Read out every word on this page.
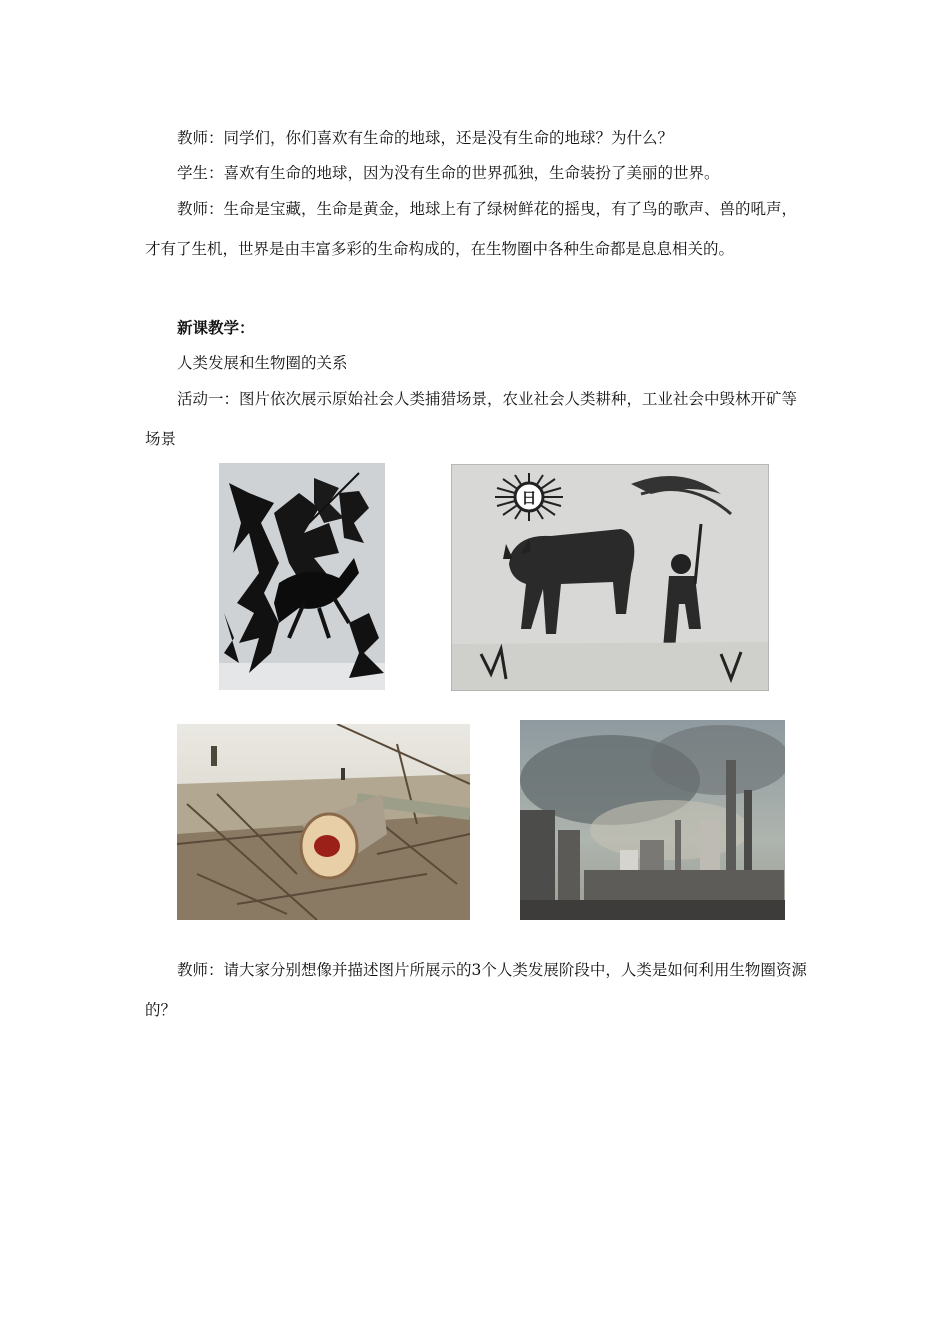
教师：同学们，你们喜欢有生命的地球，还是没有生命的地球？为什么？

学生：喜欢有生命的地球，因为没有生命的世界孤独，生命装扮了美丽的世界。

教师：生命是宝藏，生命是黄金，地球上有了绿树鲜花的摇曳，有了鸟的歌声、兽的吼声，才有了生机，世界是由丰富多彩的生命构成的，在生物圈中各种生命都是息息相关的。

新课教学：

人类发展和生物圈的关系

活动一：图片依次展示原始社会人类捕猎场景，农业社会人类耕种，工业社会中毁林开矿等场景

日

教师：请大家分别想像并描述图片所展示的3个人类发展阶段中，人类是如何利用生物圈资源的？
